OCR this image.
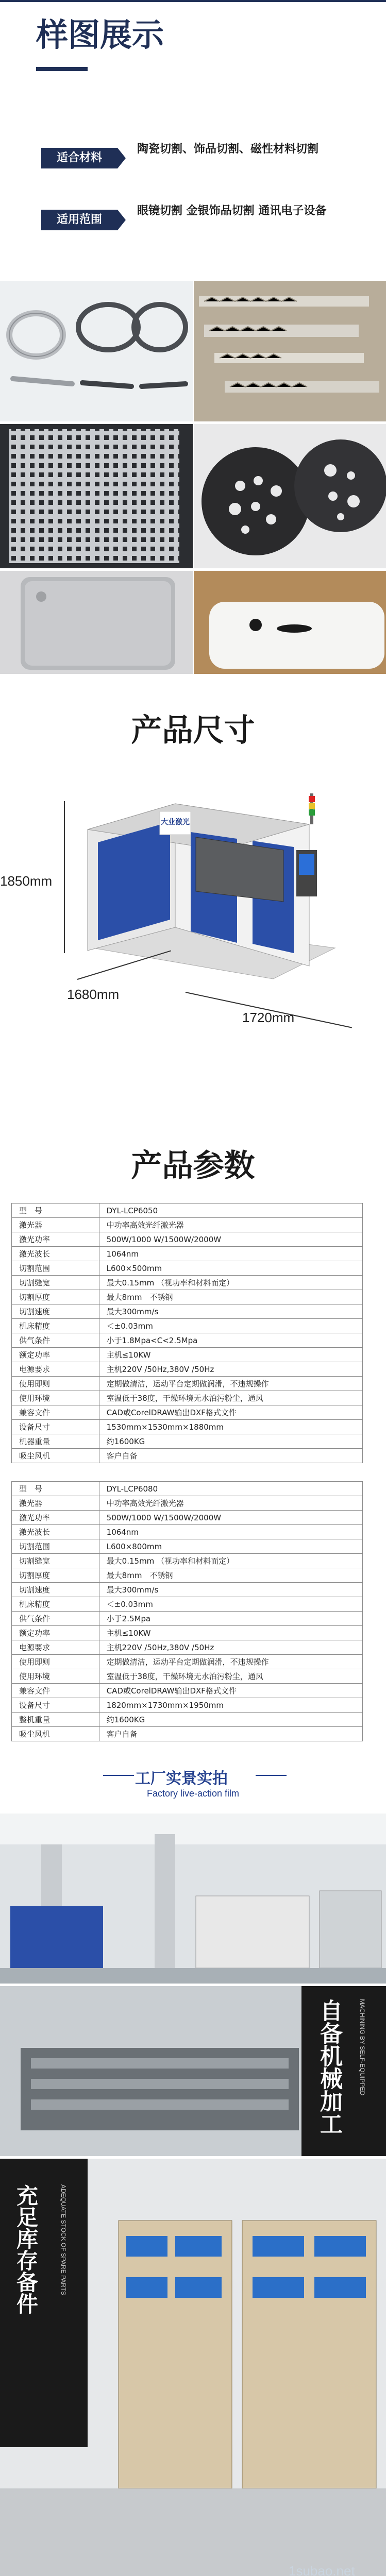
样图展示
适合材料
陶瓷切割、饰品切割、磁性材料切割
适用范围
眼镜切割 金银饰品切割 通讯电子设备
产品尺寸
大业激光
1850mm
1680mm
1720mm
产品参数
型　号	DYL-LCP6050
激光器	中功率高效光纤激光器
激光功率	500W/1000 W/1500W/2000W
激光波长	1064nm
切割范围	L600×500mm
切割缝宽	最大0.15mm （视功率和材料而定）
切割厚度	最大8mm　不锈钢
切割速度	最大300mm/s
机床精度	＜±0.03mm
供气条件	小于1.8Mpa<C<2.5Mpa
额定功率	主机≤10KW
电源要求	主机220V /50Hz,380V /50Hz
使用即则	定期做清洁，运动平台定期做润滑，不违规操作
使用环境	室温低于38度，干燥环境无水泊污粉尘，通风
兼容文件	CAD或CorelDRAW输出DXF格式文件
设备尺寸	1530mm×1530mm×1880mm
机器重量	约1600KG
吸尘风机	客户自备
型　号	DYL-LCP6080
激光器	中功率高效光纤激光器
激光功率	500W/1000 W/1500W/2000W
激光波长	1064nm
切割范围	L600×800mm
切割缝宽	最大0.15mm （视功率和材料而定）
切割厚度	最大8mm　不锈钢
切割速度	最大300mm/s
机床精度	＜±0.03mm
供气条件	小于2.5Mpa
额定功率	主机≤10KW
电源要求	主机220V /50Hz,380V /50Hz
使用即则	定期做清洁，运动平台定期做润滑，不违规操作
使用环境	室温低于38度，干燥环境无水泊污粉尘，通风
兼容文件	CAD或CorelDRAW输出DXF格式文件
设备尺寸	1820mm×1730mm×1950mm
整机重量	约1600KG
吸尘风机	客户自备
工厂实景实拍
Factory live-action film
自备机械加工	MACHINING BY SELF-EQUIPPED
充足库存备件	ADEQUATE STOCK OF SPARE PARTS
1subao.net
